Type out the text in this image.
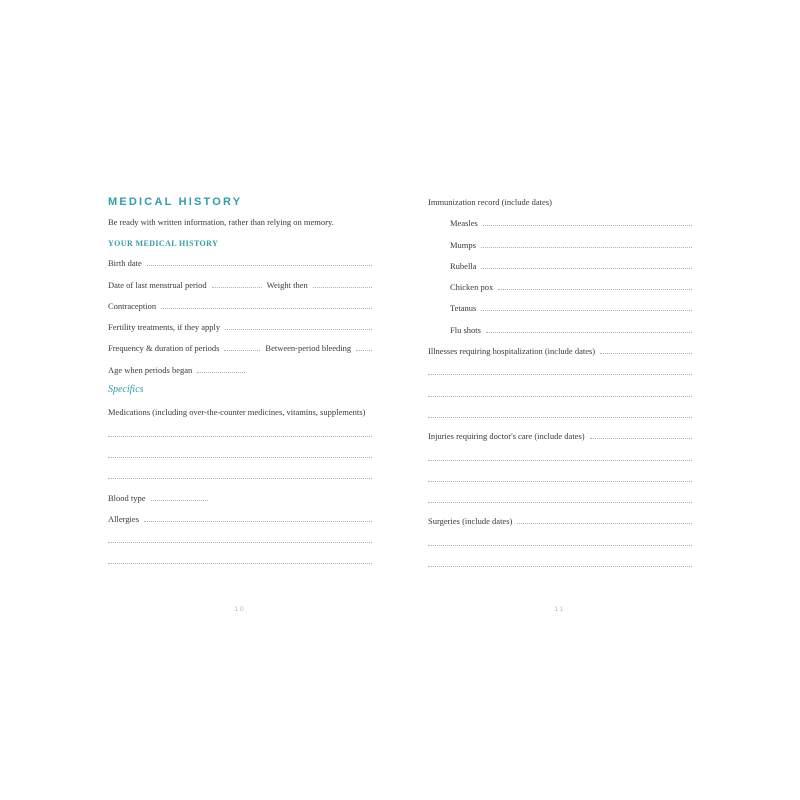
MEDICAL HISTORY
Be ready with written information, rather than relying on memory.
YOUR MEDICAL HISTORY
Birth date
Date of last menstrual period	Weight then
Contraception
Fertility treatments, if they apply
Frequency & duration of periods	Between-period bleeding
Age when periods began
Specifics
Medications (including over-the-counter medicines, vitamins, supplements)
Blood type
Allergies
10
Immunization record (include dates)
Measles
Mumps
Rubella
Chicken pox
Tetanus
Flu shots
Illnesses requiring hospitalization (include dates)
Injuries requiring doctor's care (include dates)
Surgeries (include dates)
11
